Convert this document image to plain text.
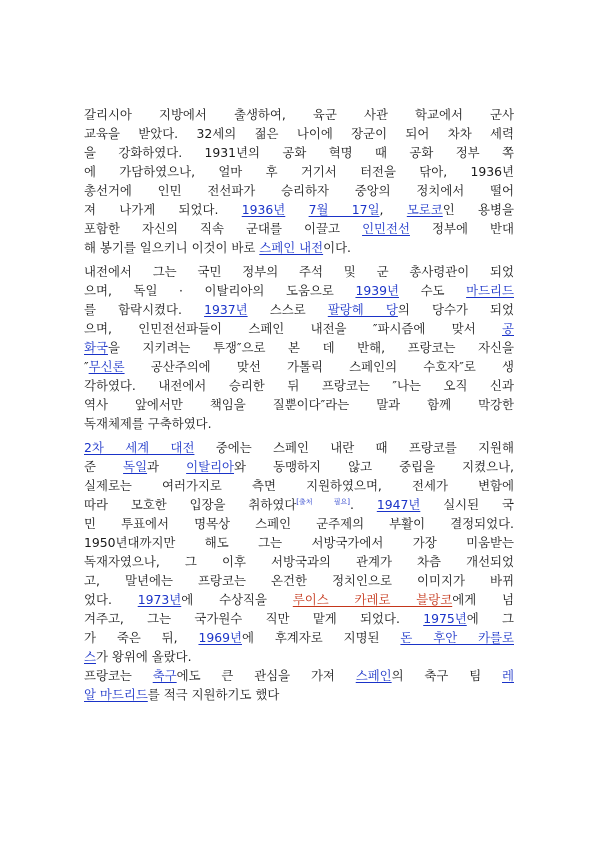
갈리시아 지방에서 출생하여, 육군 사관 학교에서 군사
교육을 받았다. 32세의 젊은 나이에 장군이 되어 차차 세력
을 강화하였다. 1931년의 공화 혁명 때 공화 정부 쪽
에 가담하였으나, 얼마 후 거기서 터전을 닦아, 1936년
총선거에 인민 전선파가 승리하자 중앙의 정치에서 떨어
져 나가게 되었다. 1936년 7월 17일, 모로코인 용병을
포함한 자신의 직속 군대를 이끌고 인민전선 정부에 반대
해 봉기를 일으키니 이것이 바로 스페인 내전이다.
내전에서 그는 국민 정부의 주석 및 군 총사령관이 되었
으며, 독일 · 이탈리아의 도움으로 1939년 수도 마드리드
를 함락시켰다. 1937년 스스로 팔랑헤 당의 당수가 되었
으며, 인민전선파들이 스페인 내전을 ″파시즘에 맞서 공
화국을 지키려는 투쟁″으로 본 데 반해, 프랑코는 자신을
″무신론 공산주의에 맞선 가톨릭 스페인의 수호자″로 생
각하였다. 내전에서 승리한 뒤 프랑코는 ″나는 오직 신과
역사 앞에서만 책임을 질뿐이다″라는 말과 함께 막강한
독재체제를 구축하였다.
2차 세계 대전 중에는 스페인 내란 때 프랑코를 지원해
준 독일과 이탈리아와 동맹하지 않고 중립을 지켰으나,
실제로는 여러가지로 측면 지원하였으며, 전세가 변함에
따라 모호한 입장을 취하였다[출처 필요]. 1947년 실시된 국
민 투표에서 명목상 스페인 군주제의 부활이 결정되었다.
1950년대까지만 해도 그는 서방국가에서 가장 미움받는
독재자였으나, 그 이후 서방국과의 관계가 차츰 개선되었
고, 말년에는 프랑코는 온건한 정치인으로 이미지가 바뀌
었다. 1973년에 수상직을 루이스 카레로 블랑코에게 넘
겨주고, 그는 국가원수 직만 맡게 되었다. 1975년에 그
가 죽은 뒤, 1969년에 후계자로 지명된 돈 후안 카를로
스가 왕위에 올랐다.
프랑코는 축구에도 큰 관심을 가져 스페인의 축구 팀 레
알 마드리드를 적극 지원하기도 했다
